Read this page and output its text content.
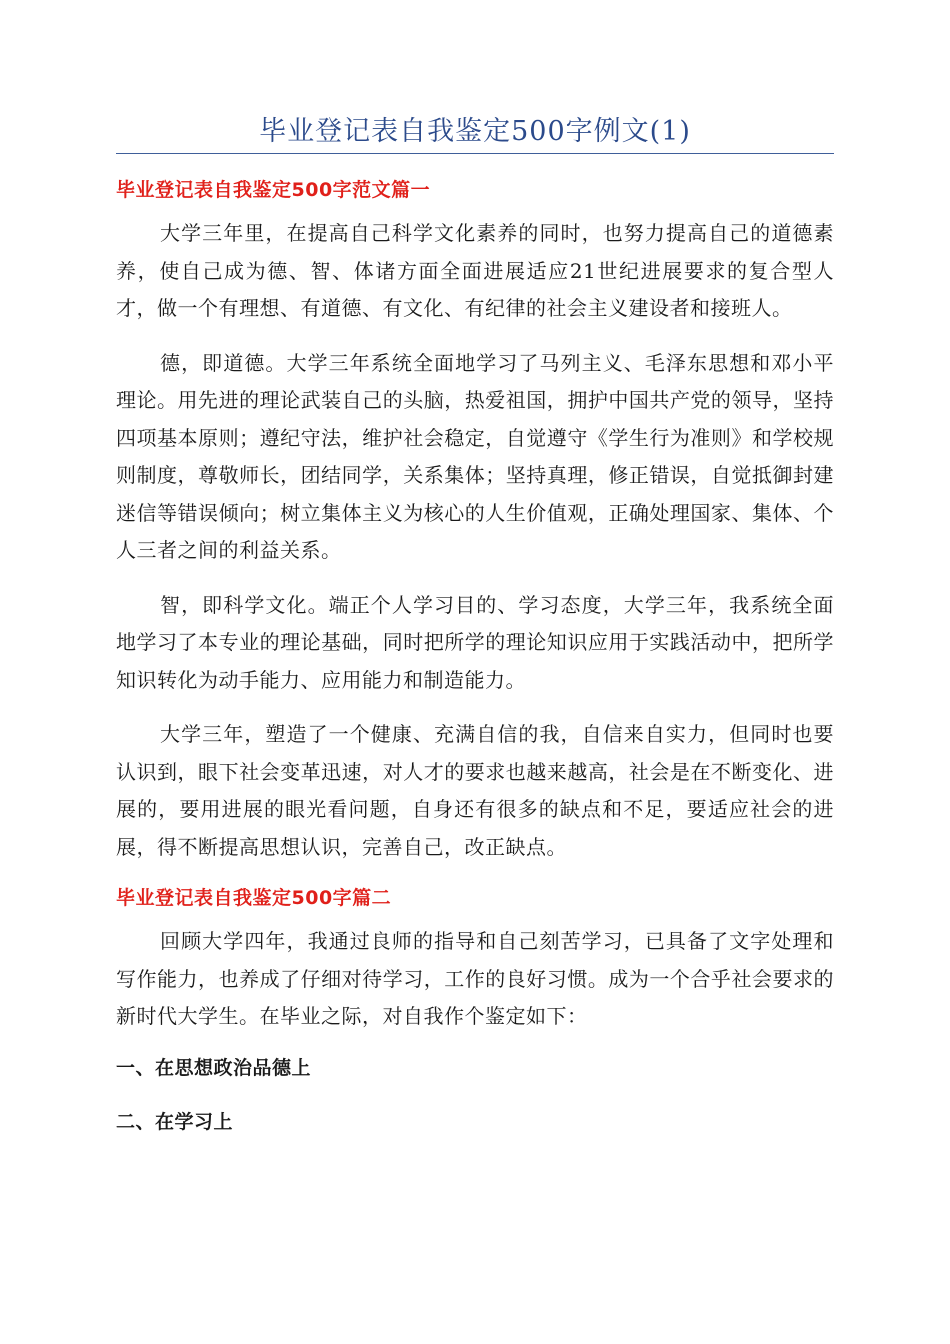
毕业登记表自我鉴定500字例文(1)
毕业登记表自我鉴定500字范文篇一

大学三年里，在提高自己科学文化素养的同时，也努力提高自己的道德素养，使自己成为德、智、体诸方面全面进展适应21世纪进展要求的复合型人才，做一个有理想、有道德、有文化、有纪律的社会主义建设者和接班人。

德，即道德。大学三年系统全面地学习了马列主义、毛泽东思想和邓小平理论。用先进的理论武装自己的头脑，热爱祖国，拥护中国共产党的领导，坚持四项基本原则；遵纪守法，维护社会稳定，自觉遵守《学生行为准则》和学校规则制度，尊敬师长，团结同学，关系集体；坚持真理，修正错误，自觉抵御封建迷信等错误倾向；树立集体主义为核心的人生价值观，正确处理国家、集体、个人三者之间的利益关系。

智，即科学文化。端正个人学习目的、学习态度，大学三年，我系统全面地学习了本专业的理论基础，同时把所学的理论知识应用于实践活动中，把所学知识转化为动手能力、应用能力和制造能力。

大学三年，塑造了一个健康、充满自信的我，自信来自实力，但同时也要认识到，眼下社会变革迅速，对人才的要求也越来越高，社会是在不断变化、进展的，要用进展的眼光看问题，自身还有很多的缺点和不足，要适应社会的进展，得不断提高思想认识，完善自己，改正缺点。

毕业登记表自我鉴定500字篇二

回顾大学四年，我通过良师的指导和自己刻苦学习，已具备了文字处理和写作能力，也养成了仔细对待学习，工作的良好习惯。成为一个合乎社会要求的新时代大学生。在毕业之际，对自我作个鉴定如下：

一、在思想政治品德上
二、在学习上
